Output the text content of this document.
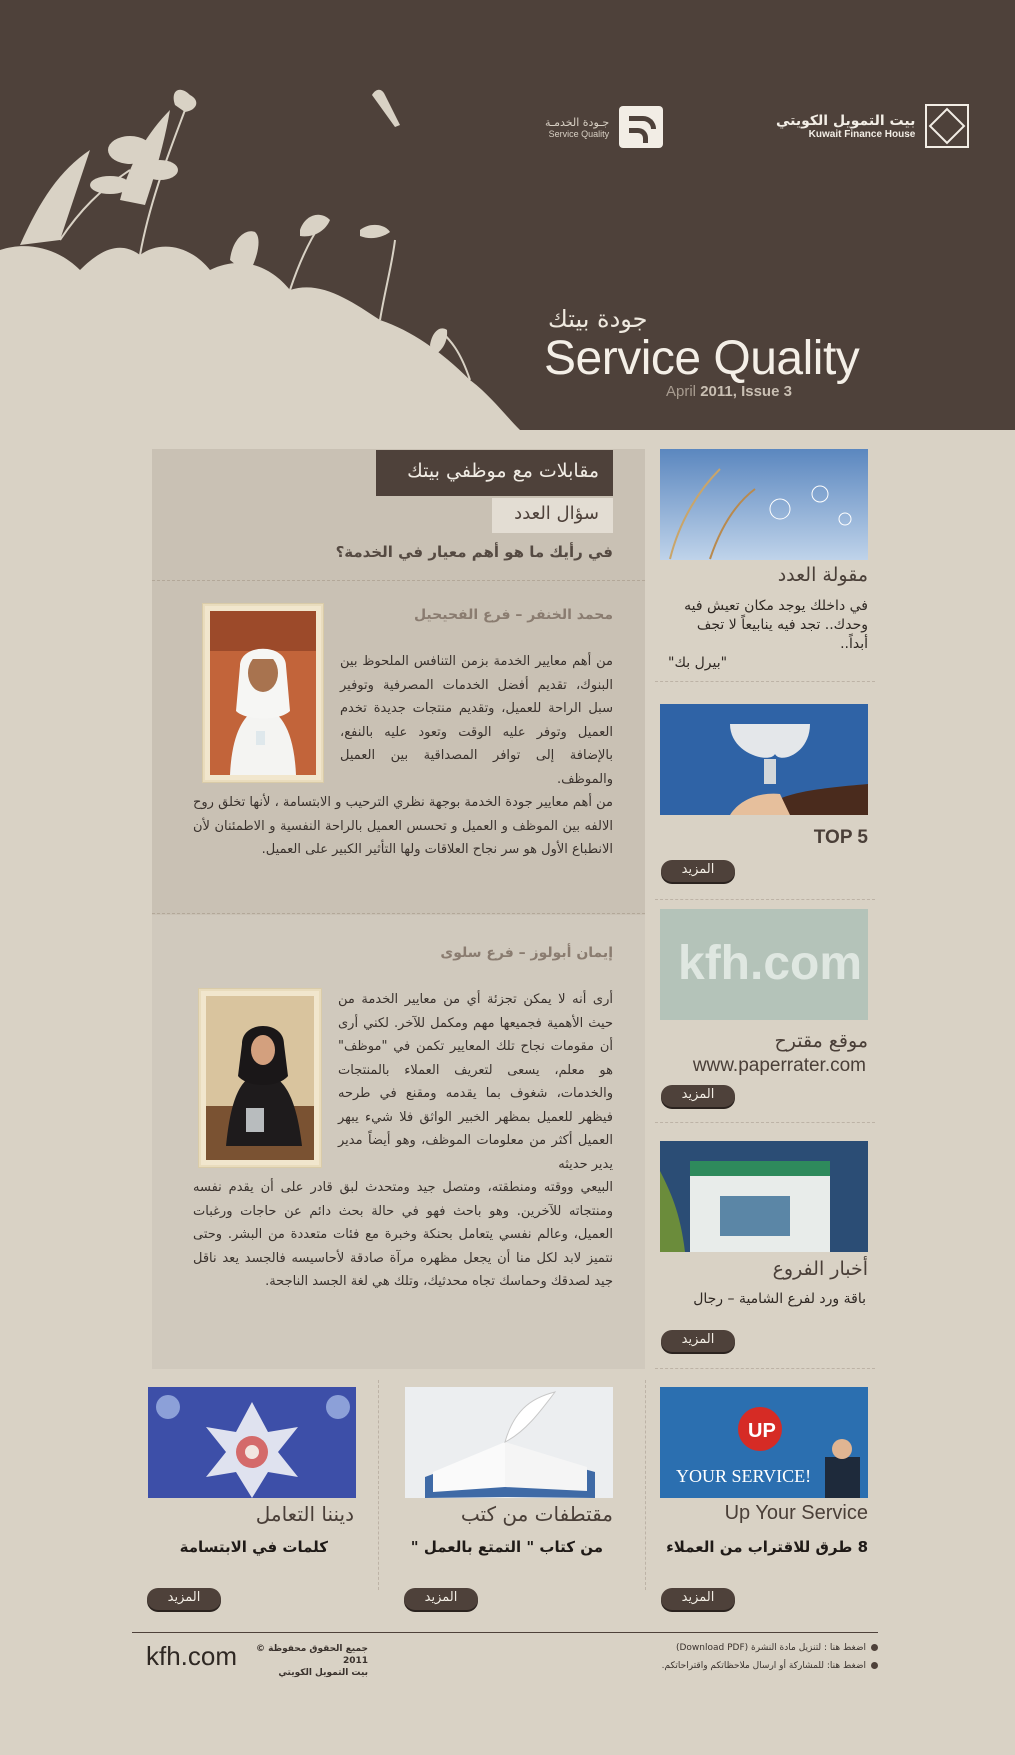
بيت التمويل الكويتي
Kuwait Finance House
جـودة الخدمـة
Service Quality
جودة بيتك
Service Quality
April 2011, Issue 3
مقابلات مع موظفي بيتك
سؤال العدد
في رأيك ما هو أهم معيار في الخدمة؟
محمد الخنفر – فرع الفحيحيل
من أهم معايير الخدمة بزمن التنافس الملحوظ بين البنوك، تقديم أفضل الخدمات المصرفية وتوفير سبل الراحة للعميل، وتقديم منتجات جديدة تخدم العميل وتوفر عليه الوقت وتعود عليه بالنفع، بالإضافة إلى توافر المصداقية بين العميل والموظف.
من أهم معايير جودة الخدمة بوجهة نظري الترحيب و الابتسامة ، لأنها تخلق روح الالفه بين الموظف و العميل و تحسس العميل بالراحة النفسية و الاطمئنان لأن الانطباع الأول هو سر نجاح العلاقات ولها التأثير الكبير على العميل.
إيمان أبولوز – فرع سلوى
أرى أنه لا يمكن تجزئة أي من معايير الخدمة من حيث الأهمية فجميعها مهم ومكمل للآخر. لكني أرى أن مقومات نجاح تلك المعايير تكمن في "موظف" هو معلم، يسعى لتعريف العملاء بالمنتجات والخدمات، شغوف بما يقدمه ومقنع في طرحه فيظهر للعميل بمظهر الخبير الواثق فلا شيء يبهر العميل أكثر من معلومات الموظف، وهو أيضاً مدير يدير حديثه
البيعي ووقته ومنطقته، ومتصل جيد ومتحدث لبق قادر على أن يقدم نفسه ومنتجاته للآخرين. وهو باحث فهو في حالة بحث دائم عن حاجات ورغبات العميل، وعالم نفسي يتعامل بحنكة وخبرة مع فئات متعددة من البشر. وحتى نتميز لابد لكل منا أن يجعل مظهره مرآة صادقة لأحاسيسه فالجسد يعد ناقل جيد لصدقك وحماسك تجاه محدثيك، وتلك هي لغة الجسد الناجحة.
مقولة العدد
في داخلك يوجد مكان تعيش فيه وحدك.. تجد فيه ينابيعاً لا تجف أبداً..
"بيرل بك"
TOP 5
المزيد
kfh.com
موقع مقترح
www.paperrater.com
المزيد
أخبار الفروع
باقة ورد لفرع الشامية – رجال
المزيد
UP
YOUR SERVICE!
Up Your Service
8 طرق للاقتراب من العملاء
المزيد
مقتطفات من كتب
من كتاب " التمتع بالعمل "
المزيد
ديننا التعامل
كلمات في الابتسامة
المزيد
kfh.com	جميع الحقوق محفوظة © 2011
بيت التمويل الكويتي
اضغط هنا : لتنزيل مادة النشرة (Download PDF)
اضغط هنا: للمشاركة أو ارسال ملاحظاتكم واقتراحاتكم.
